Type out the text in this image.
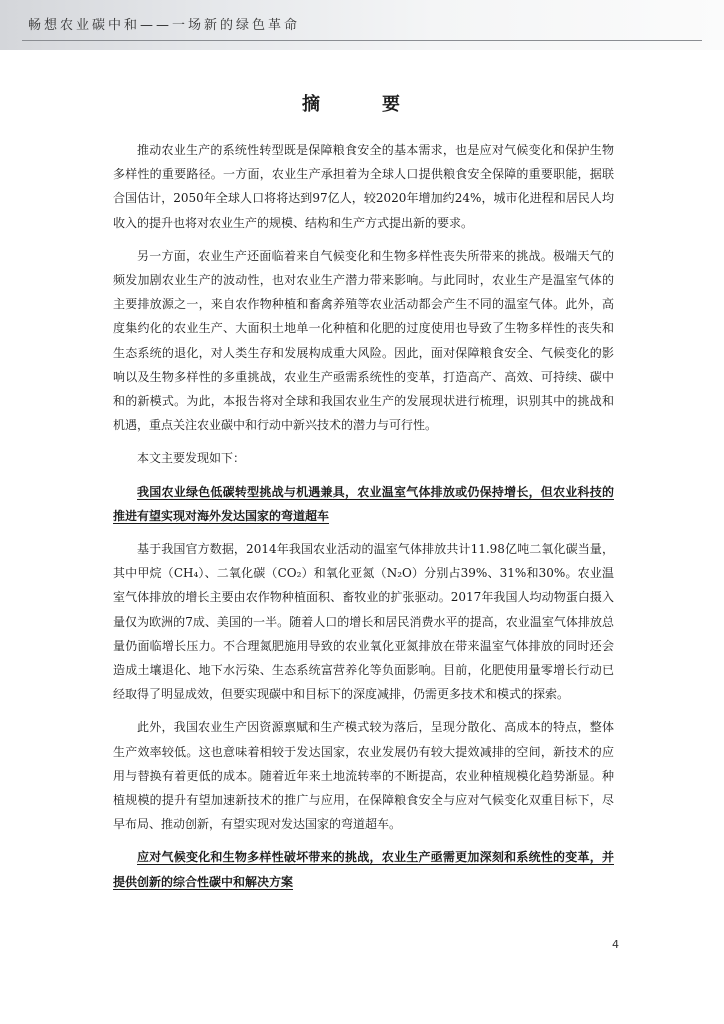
畅想农业碳中和——一场新的绿色革命
摘　要

推动农业生产的系统性转型既是保障粮食安全的基本需求，也是应对气候变化和保护生物多样性的重要路径。一方面，农业生产承担着为全球人口提供粮食安全保障的重要职能，据联合国估计，2050年全球人口将将达到97亿人，较2020年增加约24%，城市化进程和居民人均收入的提升也将对农业生产的规模、结构和生产方式提出新的要求。

另一方面，农业生产还面临着来自气候变化和生物多样性丧失所带来的挑战。极端天气的频发加剧农业生产的波动性，也对农业生产潜力带来影响。与此同时，农业生产是温室气体的主要排放源之一，来自农作物种植和畜禽养殖等农业活动都会产生不同的温室气体。此外，高度集约化的农业生产、大面积土地单一化种植和化肥的过度使用也导致了生物多样性的丧失和生态系统的退化，对人类生存和发展构成重大风险。因此，面对保障粮食安全、气候变化的影响以及生物多样性的多重挑战，农业生产亟需系统性的变革，打造高产、高效、可持续、碳中和的新模式。为此，本报告将对全球和我国农业生产的发展现状进行梳理，识别其中的挑战和机遇，重点关注农业碳中和行动中新兴技术的潜力与可行性。

本文主要发现如下：

我国农业绿色低碳转型挑战与机遇兼具，农业温室气体排放或仍保持增长，但农业科技的推进有望实现对海外发达国家的弯道超车

基于我国官方数据，2014年我国农业活动的温室气体排放共计11.98亿吨二氧化碳当量，其中甲烷（CH₄）、二氧化碳（CO₂）和氧化亚氮（N₂O）分别占39%、31%和30%。农业温室气体排放的增长主要由农作物种植面积、畜牧业的扩张驱动。2017年我国人均动物蛋白摄入量仅为欧洲的7成、美国的一半。随着人口的增长和居民消费水平的提高，农业温室气体排放总量仍面临增长压力。不合理氮肥施用导致的农业氧化亚氮排放在带来温室气体排放的同时还会造成土壤退化、地下水污染、生态系统富营养化等负面影响。目前，化肥使用量零增长行动已经取得了明显成效，但要实现碳中和目标下的深度减排，仍需更多技术和模式的探索。

此外，我国农业生产因资源禀赋和生产模式较为落后，呈现分散化、高成本的特点，整体生产效率较低。这也意味着相较于发达国家，农业发展仍有较大提效减排的空间，新技术的应用与替换有着更低的成本。随着近年来土地流转率的不断提高，农业种植规模化趋势渐显。种植规模的提升有望加速新技术的推广与应用，在保障粮食安全与应对气候变化双重目标下，尽早布局、推动创新，有望实现对发达国家的弯道超车。

应对气候变化和生物多样性破坏带来的挑战，农业生产亟需更加深刻和系统性的变革，并提供创新的综合性碳中和解决方案

4
